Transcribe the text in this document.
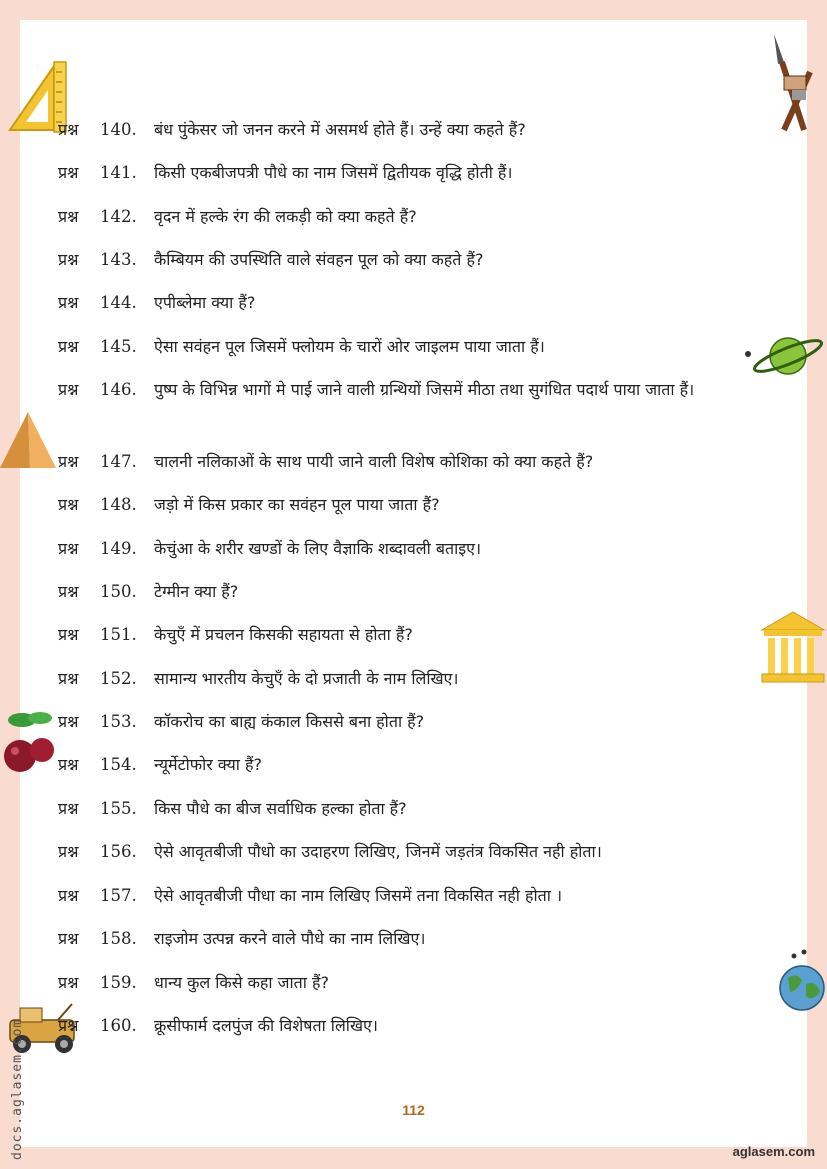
प्रश्न 140. बंध पुंकेसर जो जनन करने में असमर्थ होते हैं। उन्हें क्या कहते हैं?
प्रश्न 141. किसी एकबीजपत्री पौधे का नाम जिसमें द्वितीयक वृद्धि होती हैं।
प्रश्न 142. वृदन में हल्के रंग की लकड़ी को क्या कहते हैं?
प्रश्न 143. कैम्बियम की उपस्थिति वाले संवहन पूल को क्या कहते हैं?
प्रश्न 144. एपीब्लेमा क्या हैं?
प्रश्न 145. ऐसा सवंहन पूल जिसमें फ्लोयम के चारों ओर जाइलम पाया जाता हैं।
प्रश्न 146. पुष्प के विभिन्न भागों मे पाई जाने वाली ग्रन्थियों जिसमें मीठा तथा सुगंधित पदार्थ पाया जाता हैं।
प्रश्न 147. चालनी नलिकाओं के साथ पायी जाने वाली विशेष कोशिका को क्या कहते हैं?
प्रश्न 148. जड़ो में किस प्रकार का सवंहन पूल पाया जाता हैं?
प्रश्न 149. केचुंआ के शरीर खण्डों के लिए वैज्ञाकि शब्दावली बताइए।
प्रश्न 150. टेग्मीन क्या हैं?
प्रश्न 151. केचुएँ में प्रचलन किसकी सहायता से होता हैं?
प्रश्न 152. सामान्य भारतीय केचुएँ के दो प्रजाती के नाम लिखिए।
प्रश्न 153. कॉकरोच का बाह्य कंकाल किससे बना होता हैं?
प्रश्न 154. न्यूर्मेटोफोर क्या हैं?
प्रश्न 155. किस पौधे का बीज सर्वाधिक हल्का होता हैं?
प्रश्न 156. ऐसे आवृतबीजी पौधो का उदाहरण लिखिए, जिनमें जड़तंत्र विकसित नही होता।
प्रश्न 157. ऐसे आवृतबीजी पौधा का नाम लिखिए जिसमें तना विकसित नही होता ।
प्रश्न 158. राइजोम उत्पन्न करने वाले पौधे का नाम लिखिए।
प्रश्न 159. धान्य कुल किसे कहा जाता हैं?
प्रश्न 160. क्रूसीफार्म दलपुंज की विशेषता लिखिए।
112
docs.aglasem.com	aglasem.com
